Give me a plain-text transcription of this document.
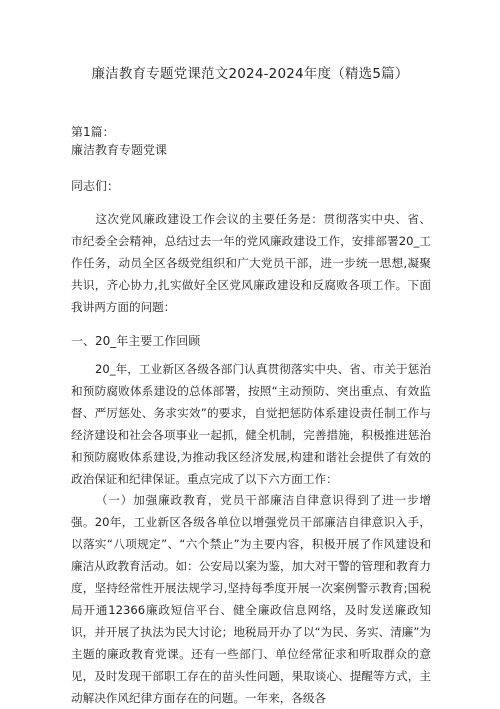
廉洁教育专题党课范文2024-2024年度（精选5篇）
第1篇：
廉洁教育专题党课
同志们：
这次党风廉政建设工作会议的主要任务是：贯彻落实中央、省、市纪委全会精神，总结过去一年的党风廉政建设工作，安排部署20_工作任务，动员全区各级党组织和广大党员干部，进一步统一思想,凝聚共识，齐心协力,扎实做好全区党风廉政建设和反腐败各项工作。下面我讲两方面的问题：
一、20_年主要工作回顾
20_年，工业新区各级各部门认真贯彻落实中央、省、市关于惩治和预防腐败体系建设的总体部署，按照“主动预防、突出重点、有效监督、严厉惩处、务求实效”的要求，自觉把惩防体系建设责任制工作与经济建设和社会各项事业一起抓，健全机制，完善措施，积极推进惩治和预防腐败体系建设,为推动我区经济发展,构建和谐社会提供了有效的政治保证和纪律保证。重点完成了以下六方面工作：
（一）加强廉政教育，党员干部廉洁自律意识得到了进一步增强。20年，工业新区各级各单位以增强党员干部廉洁自律意识入手，以落实“八项规定”、“六个禁止”为主要内容，积极开展了作风建设和廉洁从政教育活动。如：公安局以案为鉴，加大对干警的管理和教育力度，坚持经常性开展法规学习,坚持每季度开展一次案例警示教育;国税局开通12366廉政短信平台、健全廉政信息网络，及时发送廉政知识，并开展了执法为民大讨论；地税局开办了以“为民、务实、清廉”为主题的廉政教育党课。还有一些部门、单位经常征求和听取群众的意见，及时发现干部职工存在的苗头性问题，果取谈心、提醒等方式，主动解决作风纪律方面存在的问题。一年来，各级各
